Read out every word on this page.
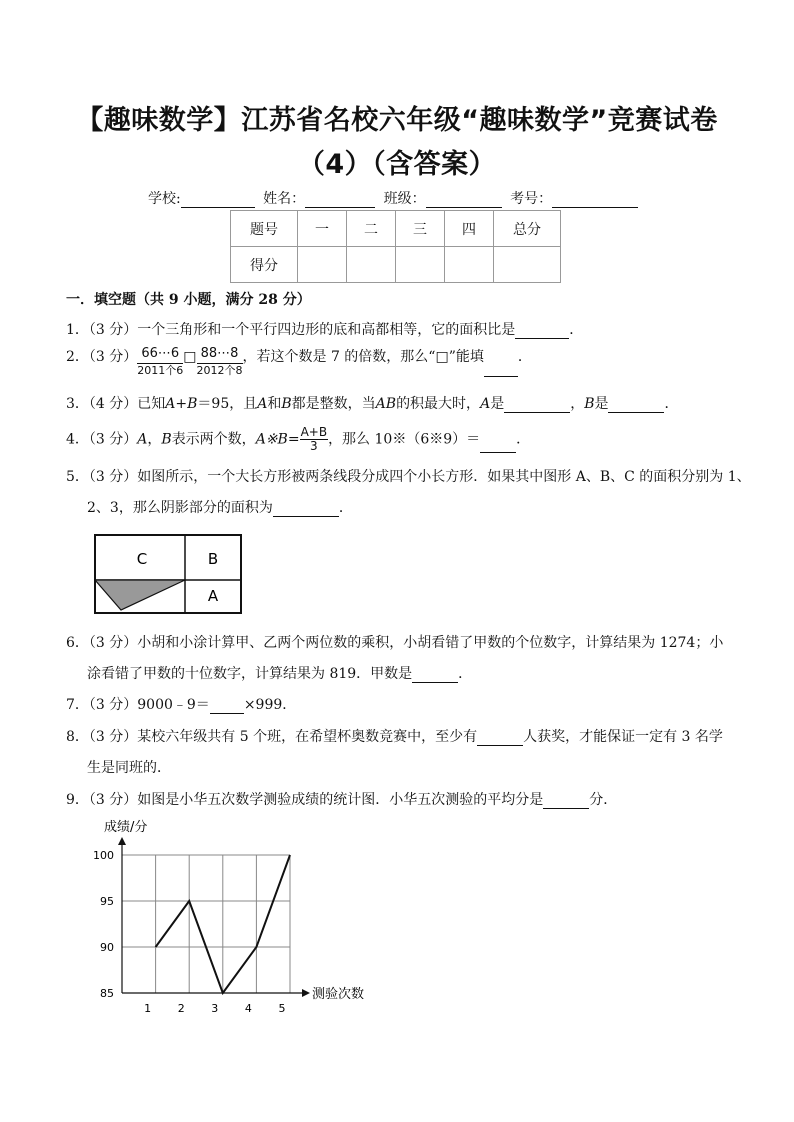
【趣味数学】江苏省名校六年级“趣味数学”竞赛试卷
（4）（含答案）
学校:	姓名：	班级：	考号：
题号	一	二	三	四	总分
得分					
一．填空题（共 9 小题，满分 28 分）
1．（3 分）一个三角形和一个平行四边形的底和高都相等，它的面积比是	．
2．（3 分） 66⋯6
2011个6
□ 88⋯8
2012个8
，若这个数是 7 的倍数，那么“□”能填 ．
3．（4 分）已知A+B＝95，且A和B都是整数，当AB的积最大时，A是	，B是	．
4．（3 分）A，B表示两个数，A※B= $\frac{A+B}{3}$ ，那么 10※（6※9）＝	．
5．（3 分）如图所示，一个大长方形被两条线段分成四个小长方形．如果其中图形 A、B、C 的面积分别为 1、
2、3，那么阴影部分的面积为	．
C	B
A
6．（3 分）小胡和小涂计算甲、乙两个两位数的乘积，小胡看错了甲数的个位数字，计算结果为 1274；小
涂看错了甲数的十位数字，计算结果为 819．甲数是	．
7．（3 分）9000﹣9＝ ×999．
8．（3 分）某校六年级共有 5 个班，在希望杯奥数竞赛中，至少有	人获奖，才能保证一定有 3 名学
生是同班的．
9．（3 分）如图是小华五次数学测验成绩的统计图．小华五次测验的平均分是	分．
成绩/分
测验次数
85
90
95
100
1 2 3 4 5
